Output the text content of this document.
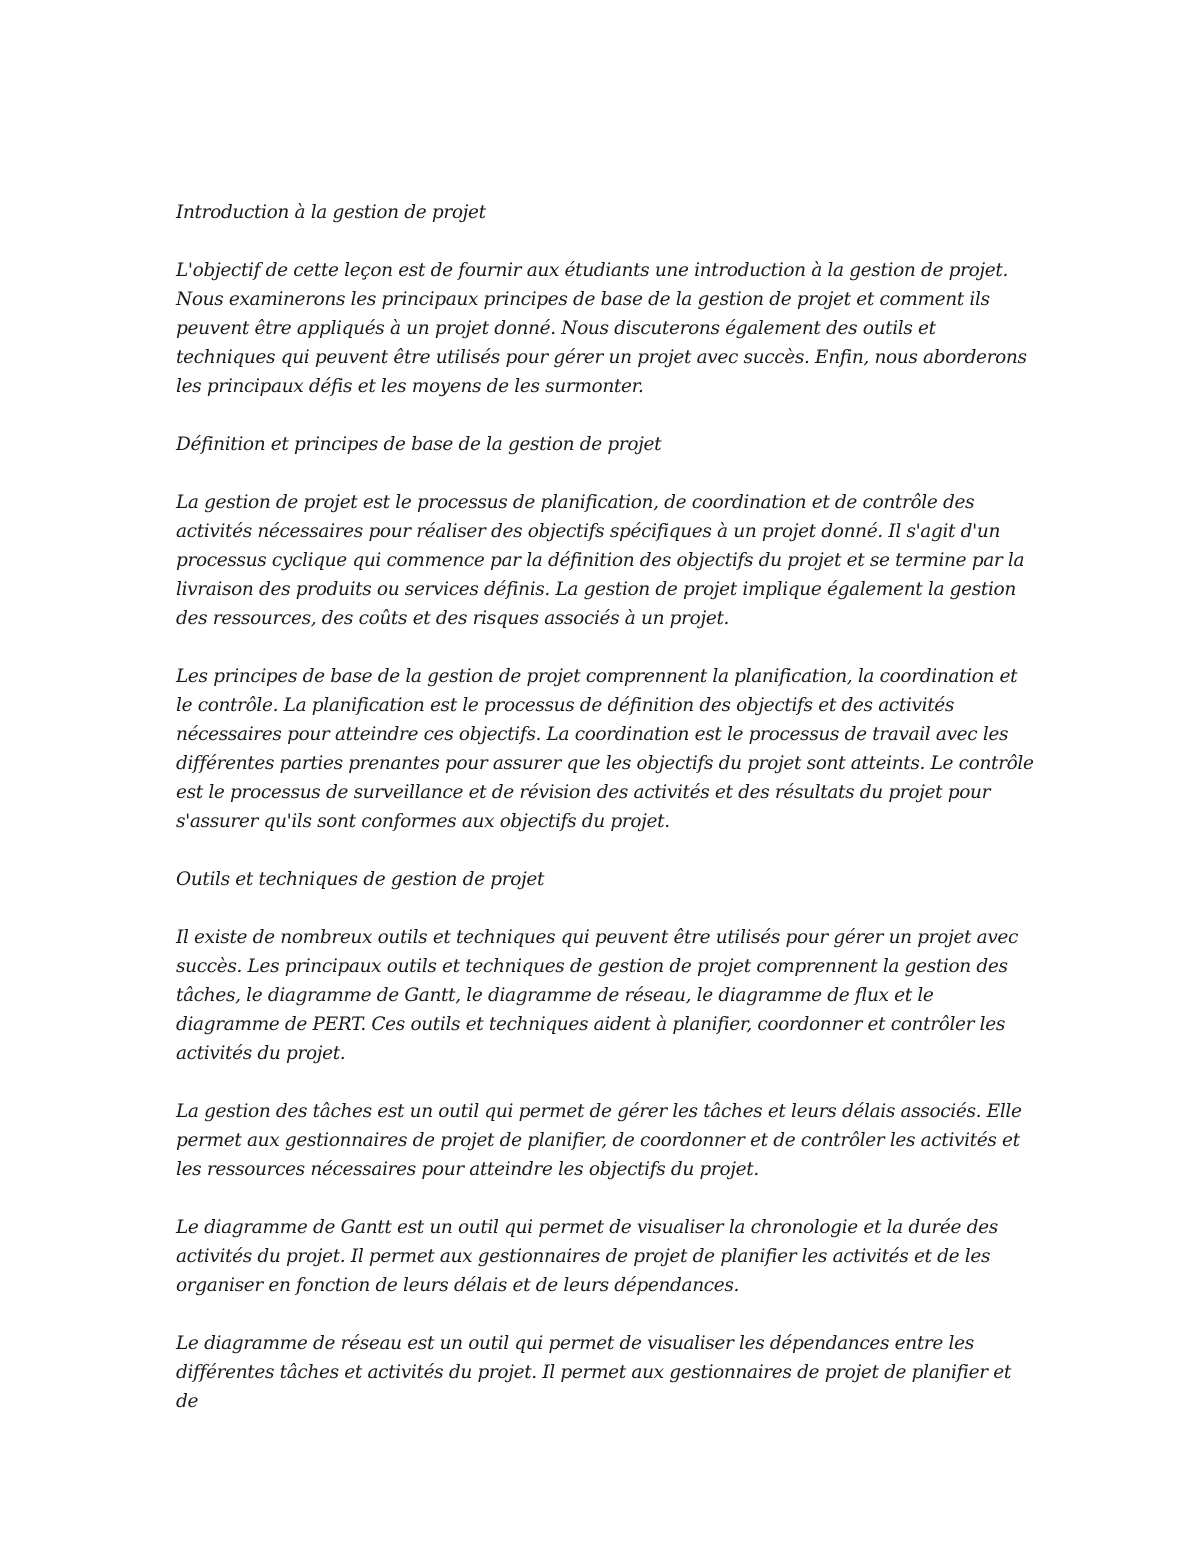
Introduction à la gestion de projet

L'objectif de cette leçon est de fournir aux étudiants une introduction à la gestion de projet. Nous examinerons les principaux principes de base de la gestion de projet et comment ils peuvent être appliqués à un projet donné. Nous discuterons également des outils et techniques qui peuvent être utilisés pour gérer un projet avec succès. Enfin, nous aborderons les principaux défis et les moyens de les surmonter.

Définition et principes de base de la gestion de projet

La gestion de projet est le processus de planification, de coordination et de contrôle des activités nécessaires pour réaliser des objectifs spécifiques à un projet donné. Il s'agit d'un processus cyclique qui commence par la définition des objectifs du projet et se termine par la livraison des produits ou services définis. La gestion de projet implique également la gestion des ressources, des coûts et des risques associés à un projet.

Les principes de base de la gestion de projet comprennent la planification, la coordination et le contrôle. La planification est le processus de définition des objectifs et des activités nécessaires pour atteindre ces objectifs. La coordination est le processus de travail avec les différentes parties prenantes pour assurer que les objectifs du projet sont atteints. Le contrôle est le processus de surveillance et de révision des activités et des résultats du projet pour s'assurer qu'ils sont conformes aux objectifs du projet.

Outils et techniques de gestion de projet

Il existe de nombreux outils et techniques qui peuvent être utilisés pour gérer un projet avec succès. Les principaux outils et techniques de gestion de projet comprennent la gestion des tâches, le diagramme de Gantt, le diagramme de réseau, le diagramme de flux et le diagramme de PERT. Ces outils et techniques aident à planifier, coordonner et contrôler les activités du projet.

La gestion des tâches est un outil qui permet de gérer les tâches et leurs délais associés. Elle permet aux gestionnaires de projet de planifier, de coordonner et de contrôler les activités et les ressources nécessaires pour atteindre les objectifs du projet.

Le diagramme de Gantt est un outil qui permet de visualiser la chronologie et la durée des activités du projet. Il permet aux gestionnaires de projet de planifier les activités et de les organiser en fonction de leurs délais et de leurs dépendances.

Le diagramme de réseau est un outil qui permet de visualiser les dépendances entre les différentes tâches et activités du projet. Il permet aux gestionnaires de projet de planifier et de
